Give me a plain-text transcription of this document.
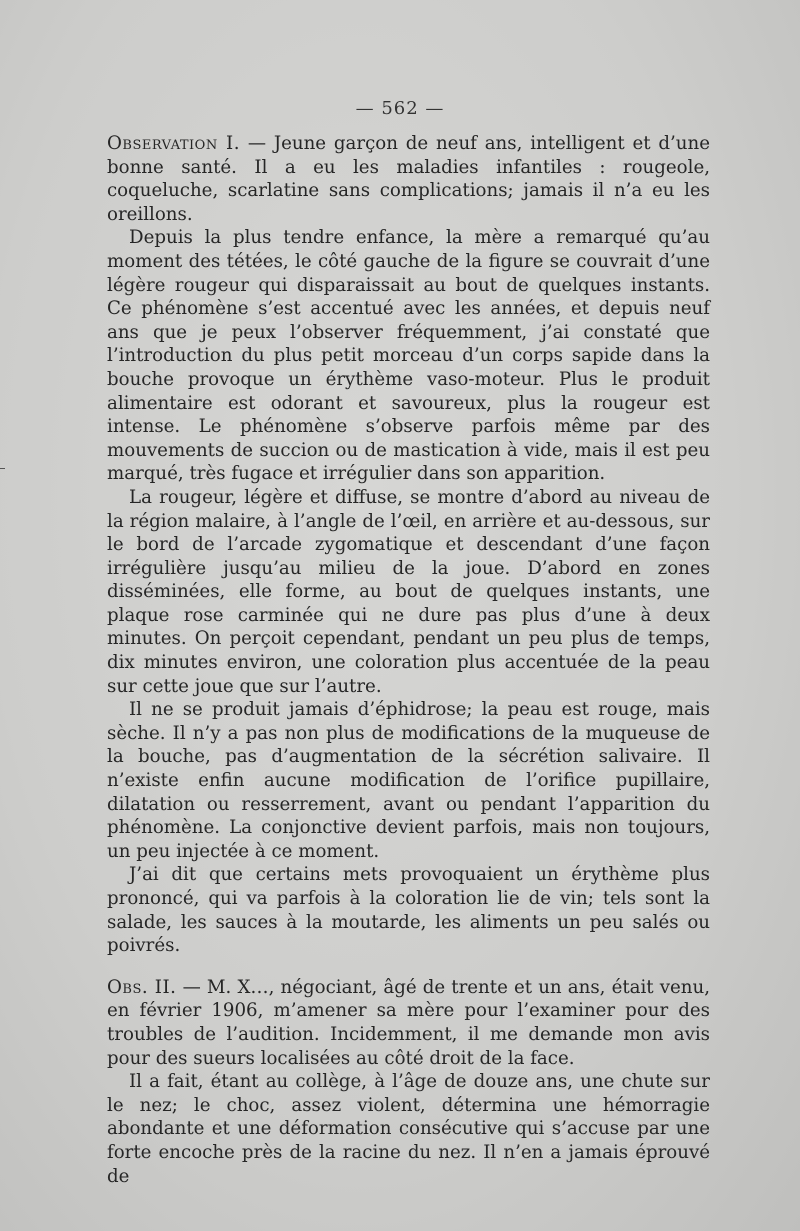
— 562 —

Observation I. — Jeune garçon de neuf ans, intelligent et d’une bonne santé. Il a eu les maladies infantiles : rougeole, coqueluche, scarlatine sans complications; jamais il n’a eu les oreillons.

Depuis la plus tendre enfance, la mère a remarqué qu’au moment des tétées, le côté gauche de la figure se couvrait d’une légère rougeur qui disparaissait au bout de quelques instants. Ce phénomène s’est accentué avec les années, et depuis neuf ans que je peux l’observer fréquemment, j’ai constaté que l’introduction du plus petit morceau d’un corps sapide dans la bouche provoque un érythème vaso-moteur. Plus le produit alimentaire est odorant et savoureux, plus la rougeur est intense. Le phénomène s’observe parfois même par des mouvements de succion ou de mastication à vide, mais il est peu marqué, très fugace et irrégulier dans son apparition.

La rougeur, légère et diffuse, se montre d’abord au niveau de la région malaire, à l’angle de l’œil, en arrière et au-dessous, sur le bord de l’arcade zygomatique et descendant d’une façon irrégulière jusqu’au milieu de la joue. D’abord en zones disséminées, elle forme, au bout de quelques instants, une plaque rose carminée qui ne dure pas plus d’une à deux minutes. On perçoit cependant, pendant un peu plus de temps, dix minutes environ, une coloration plus accentuée de la peau sur cette joue que sur l’autre.

Il ne se produit jamais d’éphidrose; la peau est rouge, mais sèche. Il n’y a pas non plus de modifications de la muqueuse de la bouche, pas d’augmentation de la sécrétion salivaire. Il n’existe enfin aucune modification de l’orifice pupillaire, dilatation ou resserrement, avant ou pendant l’apparition du phénomène. La conjonctive devient parfois, mais non toujours, un peu injectée à ce moment.

J’ai dit que certains mets provoquaient un érythème plus prononcé, qui va parfois à la coloration lie de vin; tels sont la salade, les sauces à la moutarde, les aliments un peu salés ou poivrés.

Obs. II. — M. X…, négociant, âgé de trente et un ans, était venu, en février 1906, m’amener sa mère pour l’examiner pour des troubles de l’audition. Incidemment, il me demande mon avis pour des sueurs localisées au côté droit de la face.

Il a fait, étant au collège, à l’âge de douze ans, une chute sur le nez; le choc, assez violent, détermina une hémorragie abondante et une déformation consécutive qui s’accuse par une forte encoche près de la racine du nez. Il n’en a jamais éprouvé de
